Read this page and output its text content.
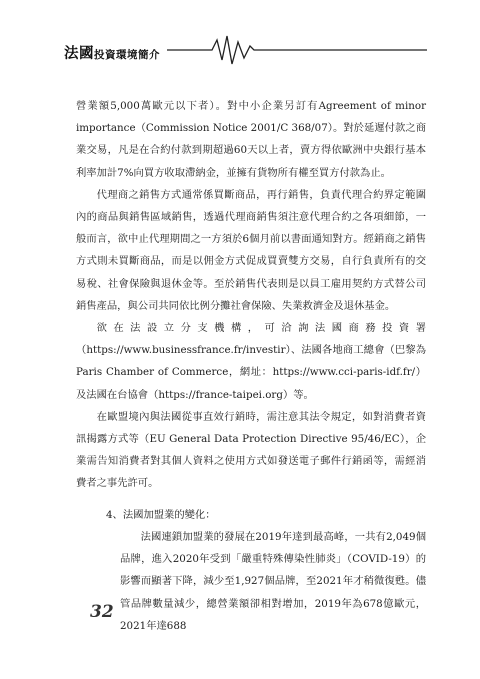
法國投資環境簡介

營業額5,000萬歐元以下者）。對中小企業另訂有Agreement of minor importance（Commission Notice 2001/C 368/07）。對於延遲付款之商業交易，凡是在合約付款到期超過60天以上者，賣方得依歐洲中央銀行基本利率加計7%向買方收取滯納金，並擁有貨物所有權至買方付款為止。

代理商之銷售方式通常係買斷商品，再行銷售，負責代理合約界定範圍內的商品與銷售區域銷售，透過代理商銷售須注意代理合約之各項細節，一般而言，欲中止代理期間之一方須於6個月前以書面通知對方。經銷商之銷售方式則未買斷商品，而是以佣金方式促成買賣雙方交易，自行負責所有的交易稅、社會保險與退休金等。至於銷售代表則是以員工雇用契約方式替公司銷售產品，與公司共同依比例分攤社會保險、失業救濟金及退休基金。

欲在法設立分支機構，可洽詢法國商務投資署（https://www.businessfrance.fr/investir）、法國各地商工總會（巴黎為Paris Chamber of Commerce，網址：https://www.cci-paris-idf.fr/）及法國在台協會（https://france-taipei.org）等。

在歐盟境內與法國從事直效行銷時，需注意其法令規定，如對消費者資訊揭露方式等（EU General Data Protection Directive 95/46/EC），企業需告知消費者對其個人資料之使用方式如發送電子郵件行銷函等，需經消費者之事先許可。

4、法國加盟業的變化：

法國連鎖加盟業的發展在2019年達到最高峰，一共有2,049個品牌，進入2020年受到「嚴重特殊傳染性肺炎」（COVID-19）的影響而顯著下降，減少至1,927個品牌，至2021年才稍微復甦。儘管品牌數量減少，總營業額卻相對增加，2019年為678億歐元，2021年達688

32
